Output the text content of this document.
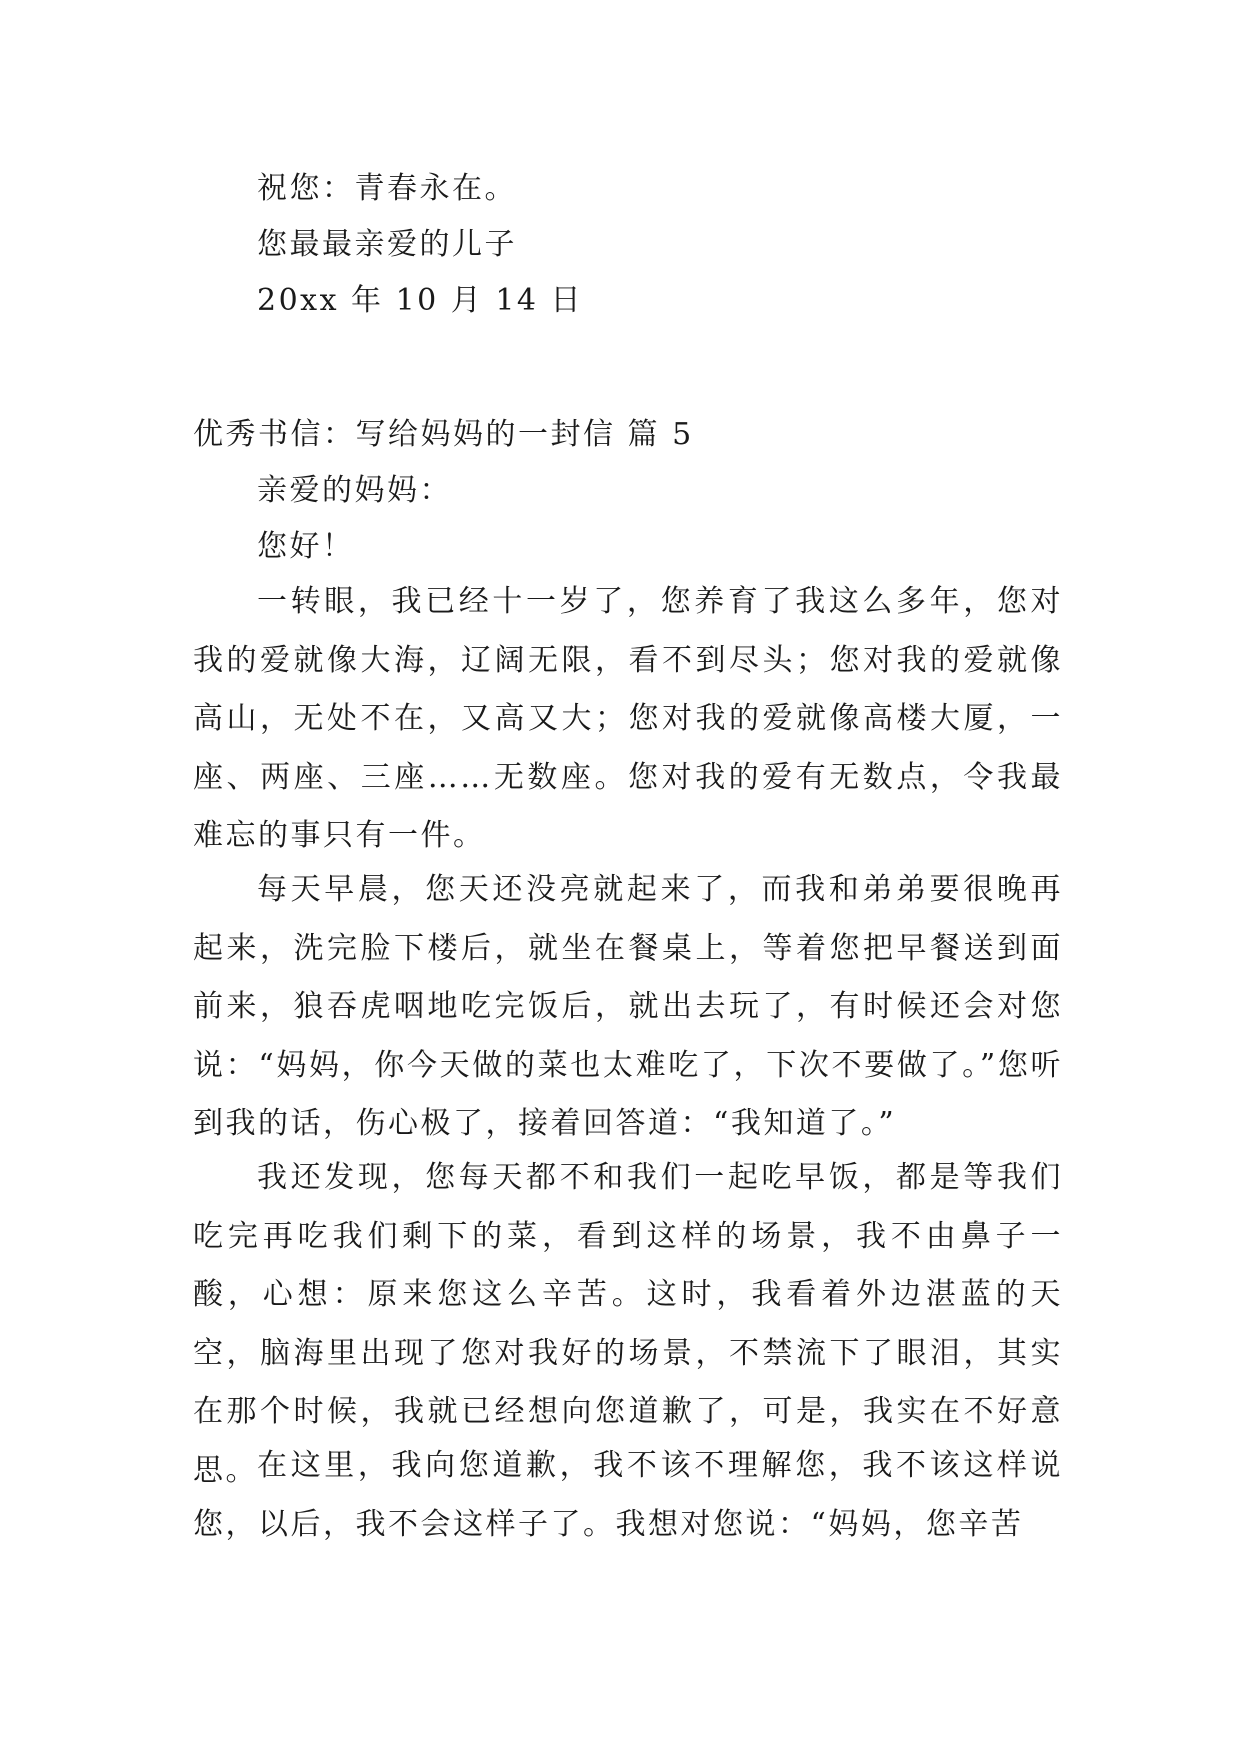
祝您：青春永在。
您最最亲爱的儿子
20xx 年 10 月 14 日
优秀书信：写给妈妈的一封信 篇 5
亲爱的妈妈：
您好！

一转眼，我已经十一岁了，您养育了我这么多年，您对我的爱就像大海，辽阔无限，看不到尽头；您对我的爱就像高山，无处不在，又高又大；您对我的爱就像高楼大厦，一座、两座、三座……无数座。您对我的爱有无数点，令我最难忘的事只有一件。

每天早晨，您天还没亮就起来了，而我和弟弟要很晚再起来，洗完脸下楼后，就坐在餐桌上，等着您把早餐送到面前来，狼吞虎咽地吃完饭后，就出去玩了，有时候还会对您说：“妈妈，你今天做的菜也太难吃了，下次不要做了。”您听到我的话，伤心极了，接着回答道：“我知道了。”

我还发现，您每天都不和我们一起吃早饭，都是等我们吃完再吃我们剩下的菜，看到这样的场景，我不由鼻子一酸，心想：原来您这么辛苦。这时，我看着外边湛蓝的天空，脑海里出现了您对我好的场景，不禁流下了眼泪，其实在那个时候，我就已经想向您道歉了，可是，我实在不好意思。 在这里，我向您道歉，我不该不理解您，我不该这样说您，以后，我不会这样子了。我想对您说：“妈妈，您辛苦
